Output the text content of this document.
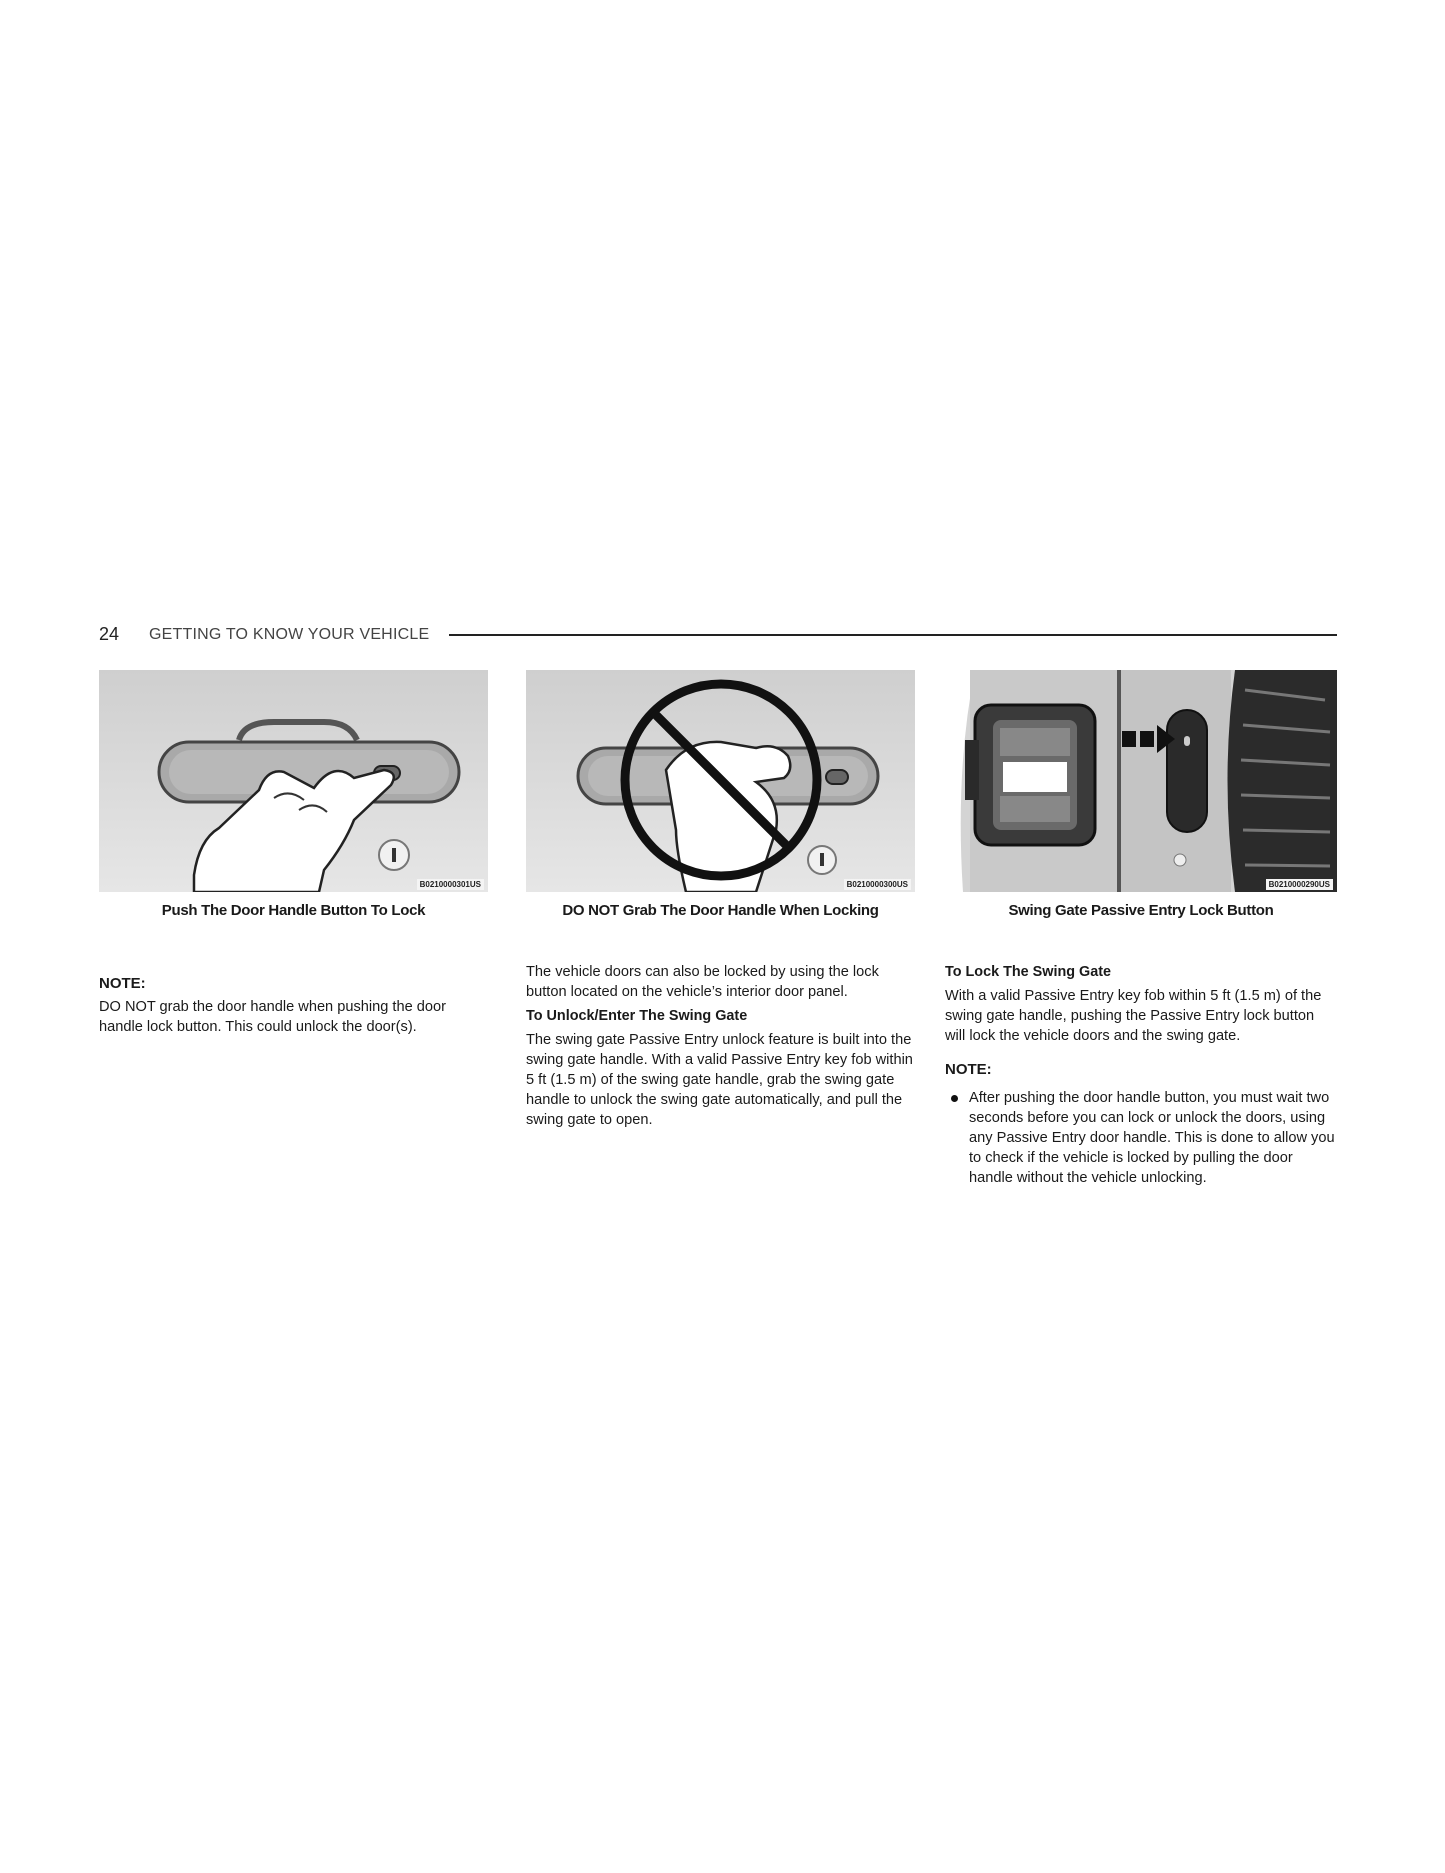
24 GETTING TO KNOW YOUR VEHICLE
B0210000301US	B0210000300US	B0210000290US
Push The Door Handle Button To Lock	DO NOT Grab The Door Handle When Locking	Swing Gate Passive Entry Lock Button

NOTE:

DO NOT grab the door handle when pushing the door handle lock button. This could unlock the door(s).

The vehicle doors can also be locked by using the lock button located on the vehicle’s interior door panel.

To Unlock/Enter The Swing Gate

The swing gate Passive Entry unlock feature is built into the swing gate handle. With a valid Passive Entry key fob within 5 ft (1.5 m) of the swing gate handle, grab the swing gate handle to unlock the swing gate automatically, and pull the swing gate to open.

To Lock The Swing Gate

With a valid Passive Entry key fob within 5 ft (1.5 m) of the swing gate handle, pushing the Passive Entry lock button will lock the vehicle doors and the swing gate.

NOTE:

After pushing the door handle button, you must wait two seconds before you can lock or unlock the doors, using any Passive Entry door handle. This is done to allow you to check if the vehicle is locked by pulling the door handle without the vehicle unlocking.
